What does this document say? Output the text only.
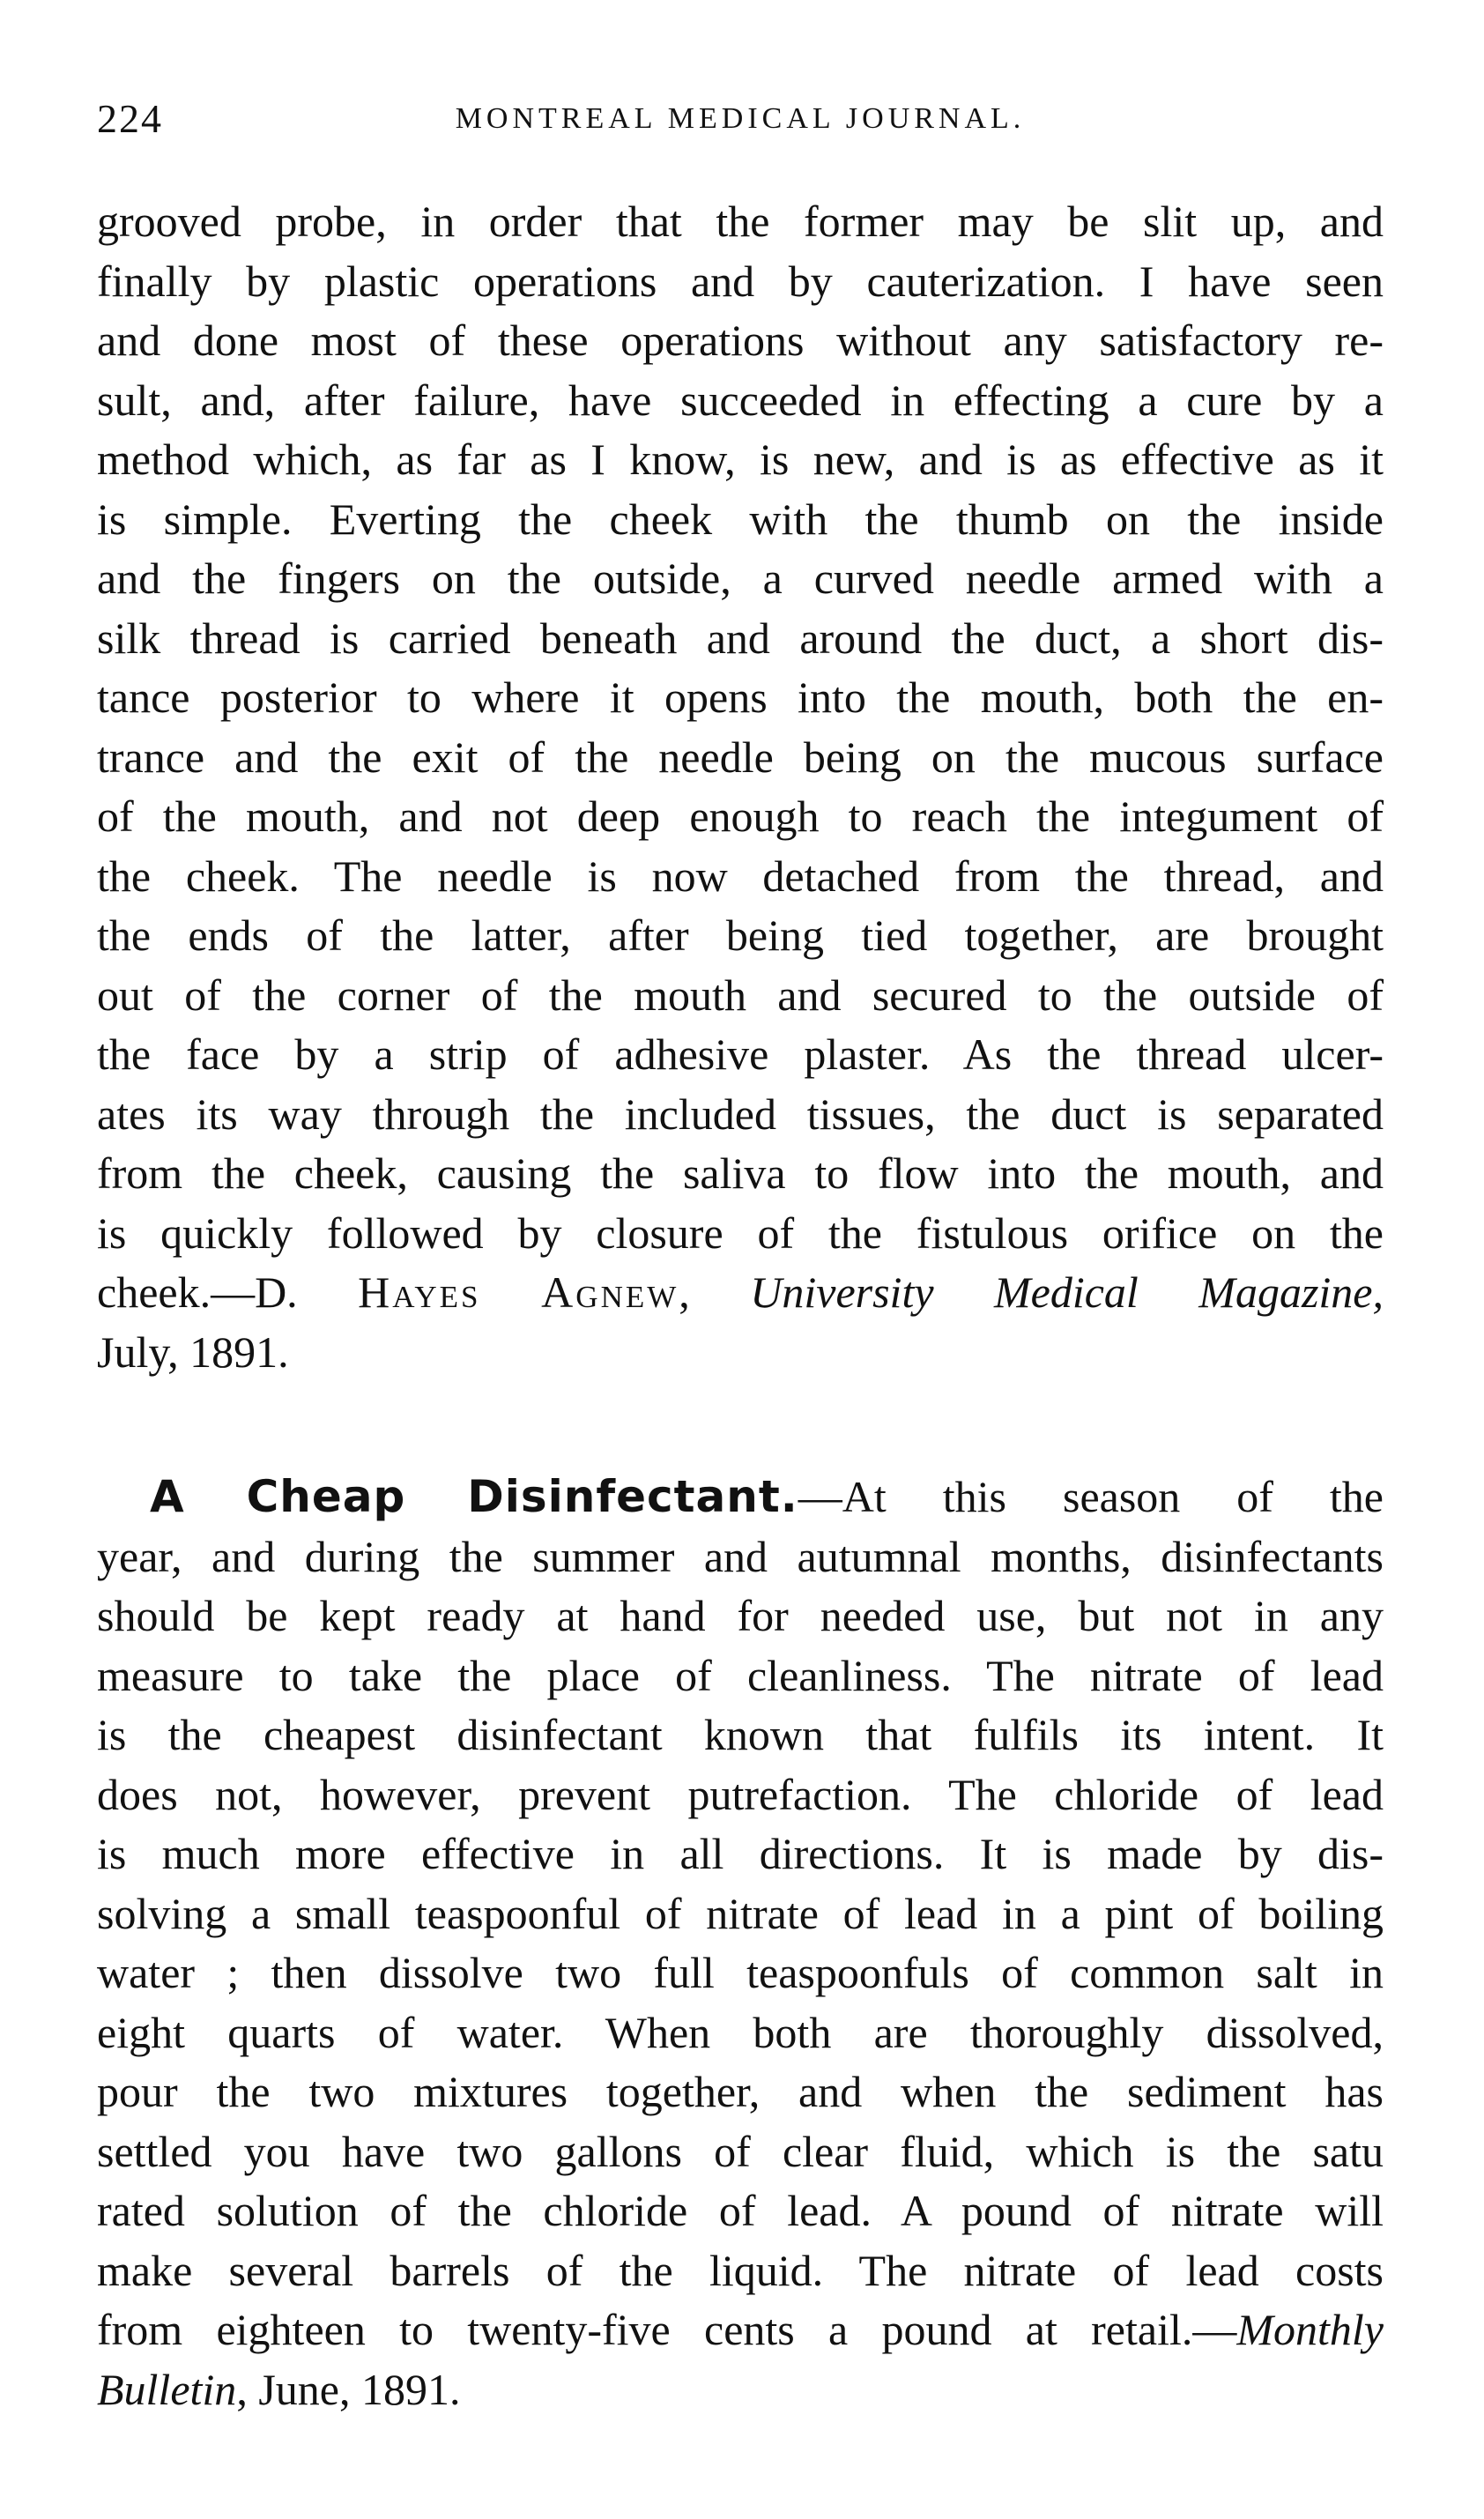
224	MONTREAL MEDICAL JOURNAL.
grooved probe, in order that the former may be slit up, and
finally by plastic operations and by cauterization. I have seen
and done most of these operations without any satisfactory re-
sult, and, after failure, have succeeded in effecting a cure by a
method which, as far as I know, is new, and is as effective as it
is simple. Everting the cheek with the thumb on the inside
and the fingers on the outside, a curved needle armed with a
silk thread is carried beneath and around the duct, a short dis-
tance posterior to where it opens into the mouth, both the en-
trance and the exit of the needle being on the mucous surface
of the mouth, and not deep enough to reach the integument of
the cheek. The needle is now detached from the thread, and
the ends of the latter, after being tied together, are brought
out of the corner of the mouth and secured to the outside of
the face by a strip of adhesive plaster. As the thread ulcer-
ates its way through the included tissues, the duct is separated
from the cheek, causing the saliva to flow into the mouth, and
is quickly followed by closure of the fistulous orifice on the
cheek.—D. Hayes Agnew, University Medical Magazine,
July, 1891.
A Cheap Disinfectant.—At this season of the
year, and during the summer and autumnal months, disinfectants
should be kept ready at hand for needed use, but not in any
measure to take the place of cleanliness. The nitrate of lead
is the cheapest disinfectant known that fulfils its intent. It
does not, however, prevent putrefaction. The chloride of lead
is much more effective in all directions. It is made by dis-
solving a small teaspoonful of nitrate of lead in a pint of boiling
water ; then dissolve two full teaspoonfuls of common salt in
eight quarts of water. When both are thoroughly dissolved,
pour the two mixtures together, and when the sediment has
settled you have two gallons of clear fluid, which is the satu
rated solution of the chloride of lead. A pound of nitrate will
make several barrels of the liquid. The nitrate of lead costs
from eighteen to twenty-five cents a pound at retail.—Monthly
Bulletin, June, 1891.
